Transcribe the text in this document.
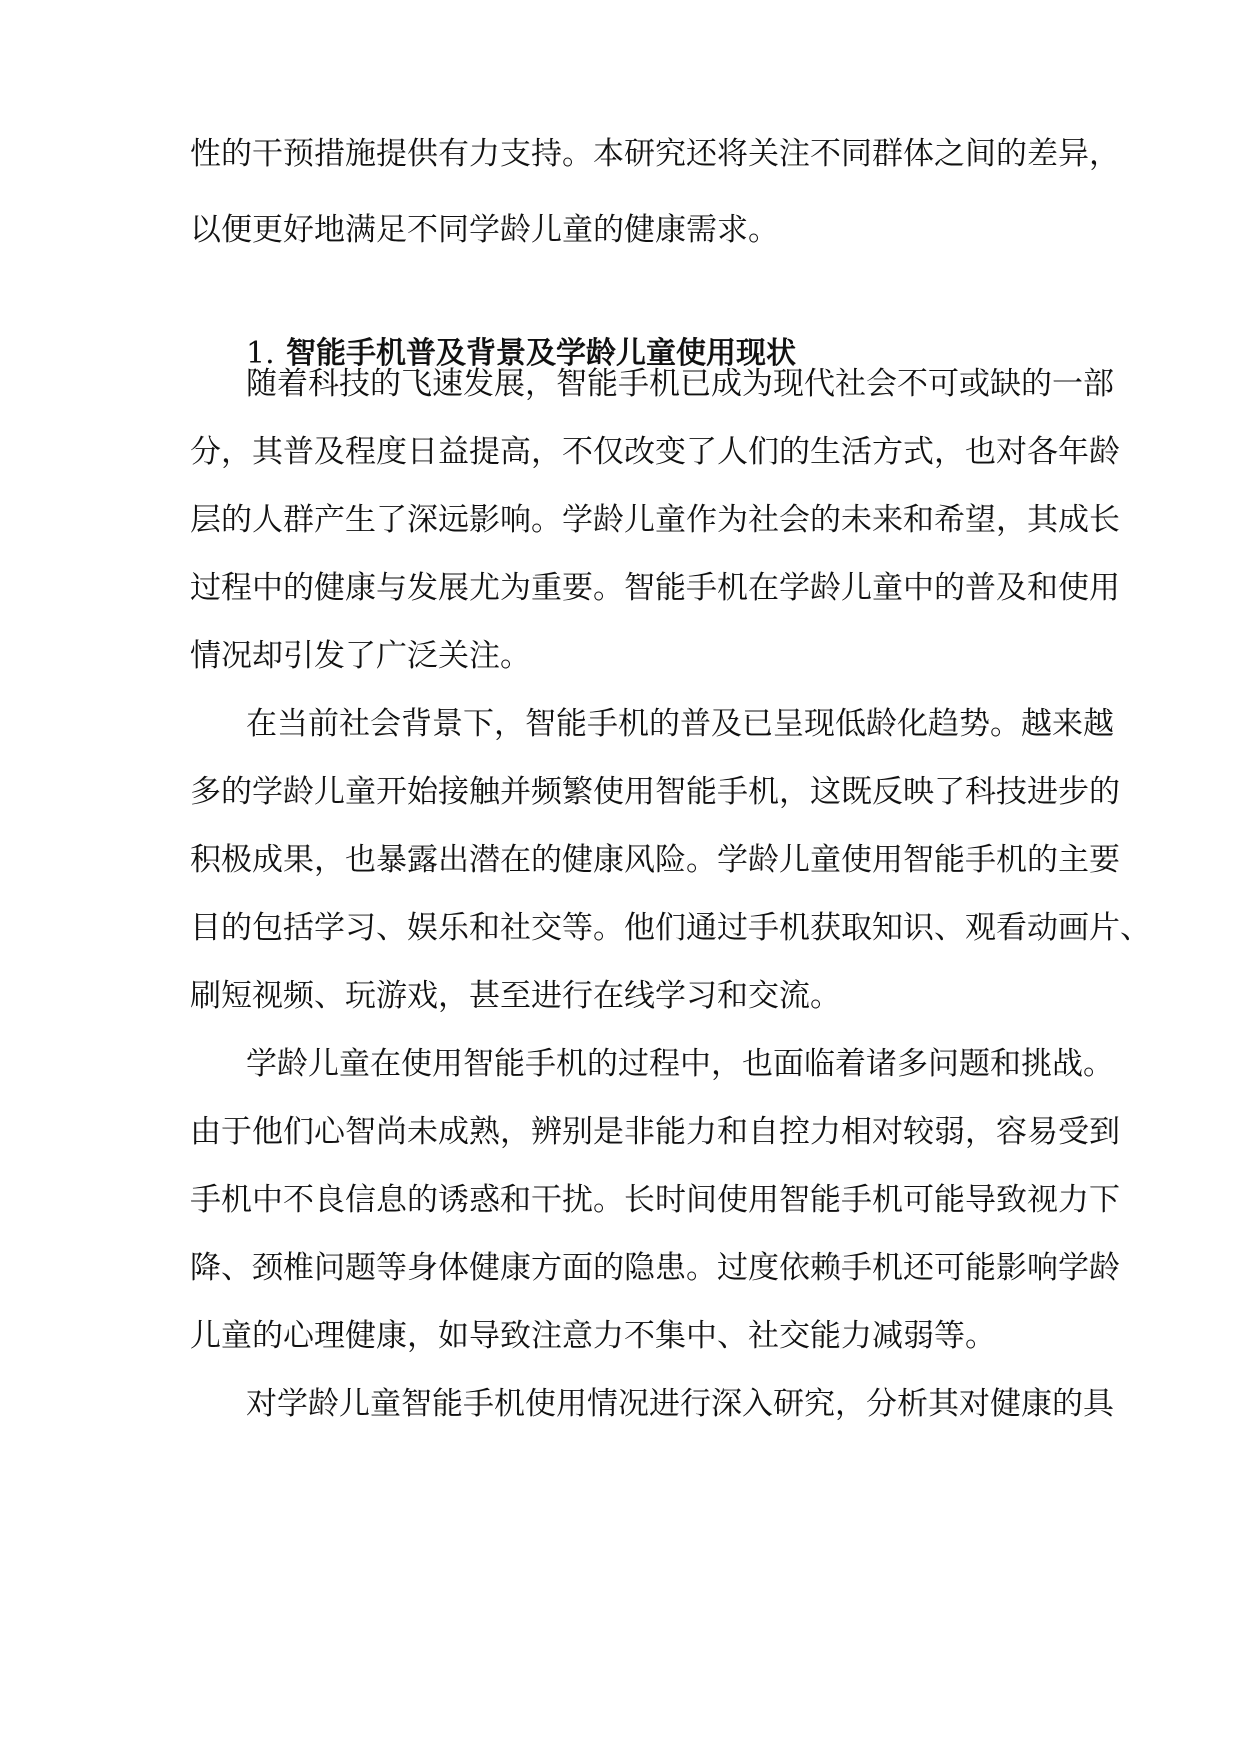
性的干预措施提供有力支持。本研究还将关注不同群体之间的差异，

以便更好地满足不同学龄儿童的健康需求。

1. 智能手机普及背景及学龄儿童使用现状

随着科技的飞速发展，智能手机已成为现代社会不可或缺的一部

分，其普及程度日益提高，不仅改变了人们的生活方式，也对各年龄

层的人群产生了深远影响。学龄儿童作为社会的未来和希望，其成长

过程中的健康与发展尤为重要。智能手机在学龄儿童中的普及和使用

情况却引发了广泛关注。

在当前社会背景下，智能手机的普及已呈现低龄化趋势。越来越

多的学龄儿童开始接触并频繁使用智能手机，这既反映了科技进步的

积极成果，也暴露出潜在的健康风险。学龄儿童使用智能手机的主要

目的包括学习、娱乐和社交等。他们通过手机获取知识、观看动画片、

刷短视频、玩游戏，甚至进行在线学习和交流。

学龄儿童在使用智能手机的过程中，也面临着诸多问题和挑战。

由于他们心智尚未成熟，辨别是非能力和自控力相对较弱，容易受到

手机中不良信息的诱惑和干扰。长时间使用智能手机可能导致视力下

降、颈椎问题等身体健康方面的隐患。过度依赖手机还可能影响学龄

儿童的心理健康，如导致注意力不集中、社交能力减弱等。

对学龄儿童智能手机使用情况进行深入研究，分析其对健康的具
